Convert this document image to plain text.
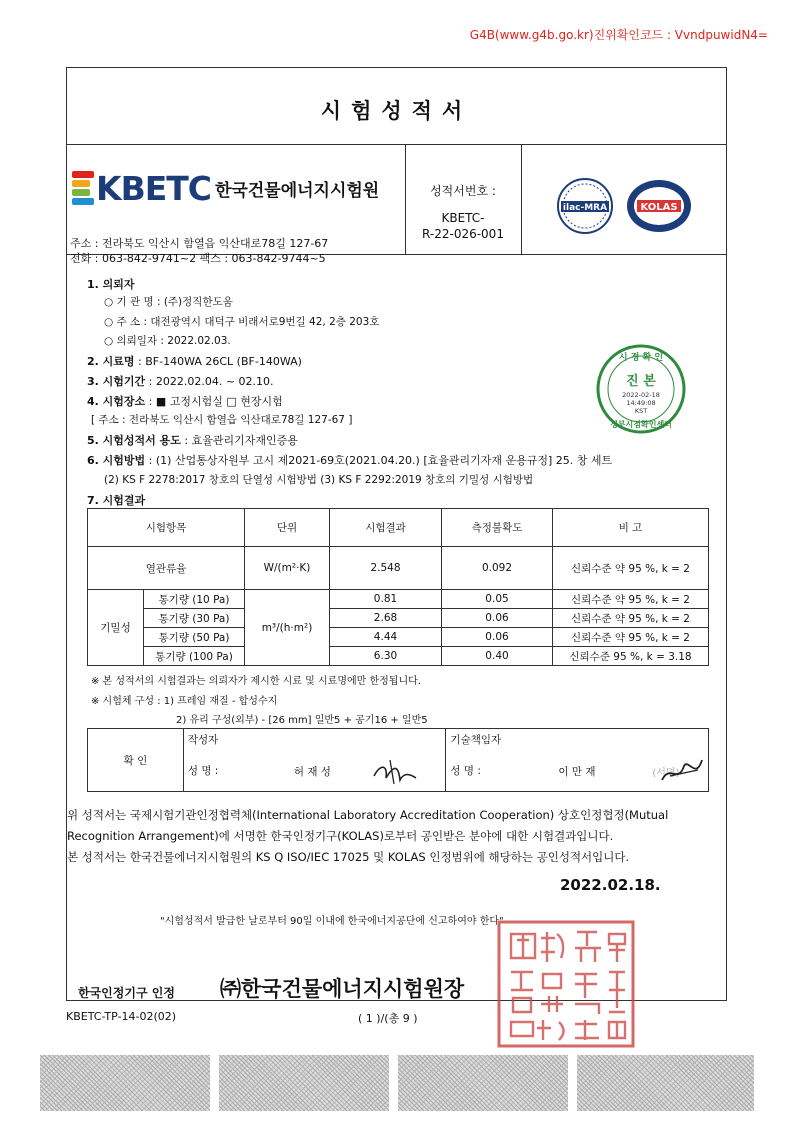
G4B(www.g4b.go.kr)진위확인코드 : VvndpuwidN4=
시험성적서
KBETC 한국건물에너지시험원
주소 : 전라북도 익산시 함열읍 익산대로78길 127-67
전화 : 063-842-9741~2 팩스 : 063-842-9744~5
성적서번호 :
KBETC-
R-22-026-001
ilac-MRA	KOLAS
1. 의뢰자
○ 기 관 명 : (주)정직한도움
○ 주 소 : 대전광역시 대덕구 비래서로9번길 42, 2층 203호
○ 의뢰일자 : 2022.02.03.
2. 시료명 : BF-140WA 26CL (BF-140WA)
3. 시험기간 : 2022.02.04. ~ 02.10.
4. 시험장소 : ■ 고정시험실 □ 현장시험
[ 주소 : 전라북도 익산시 함열읍 익산대로78길 127-67 ]
5. 시험성적서 용도 : 효율관리기자재인증용
6. 시험방법 : (1) 산업통상자원부 고시 제2021-69호(2021.04.20.) [효율관리기자재 운용규정] 25. 창 세트
(2) KS F 2278:2017 창호의 단열성 시험방법 (3) KS F 2292:2019 창호의 기밀성 시험방법
7. 시험결과
시 정 확 인
진 본
2022-02-18
14:49:08
KST
정부시점확인센터
시험항목		단위	시험결과	측정불확도	비 고
열관류율		W/(m²·K)	2.548	0.092	신뢰수준 약 95 %, k = 2
기밀성	통기량 (10 Pa)	m³/(h·m²)	0.81	0.05	신뢰수준 약 95 %, k = 2
	통기량 (30 Pa)		2.68	0.06	신뢰수준 약 95 %, k = 2
	통기량 (50 Pa)		4.44	0.06	신뢰수준 약 95 %, k = 2
	통기량 (100 Pa)		6.30	0.40	신뢰수준 95 %, k = 3.18
※ 본 성적서의 시험결과는 의뢰자가 제시한 시료 및 시료명에만 한정됩니다.
※ 시험체 구성 : 1) 프레임 재질 - 합성수지
2) 유리 구성(외부) - [26 mm] 일반5 + 공기16 + 일반5
확 인	작성자	기술책임자
	성 명 : 허 재 성	성 명 : 이 만 재 (서명)
위 성적서는 국제시험기관인정협력체(International Laboratory Accreditation Cooperation) 상호인정협정(Mutual
Recognition Arrangement)에 서명한 한국인정기구(KOLAS)로부터 공인받은 분야에 대한 시험결과입니다.
본 성적서는 한국건물에너지시험원의 KS Q ISO/IEC 17025 및 KOLAS 인정범위에 해당하는 공인성적서입니다.
2022.02.18.
"시험성적서 발급한 날로부터 90일 이내에 한국에너지공단에 신고하여야 한다"
한국인정기구 인정 ㈜한국건물에너지시험원장
KBETC-TP-14-02(02)	( 1 )/(총 9 )
